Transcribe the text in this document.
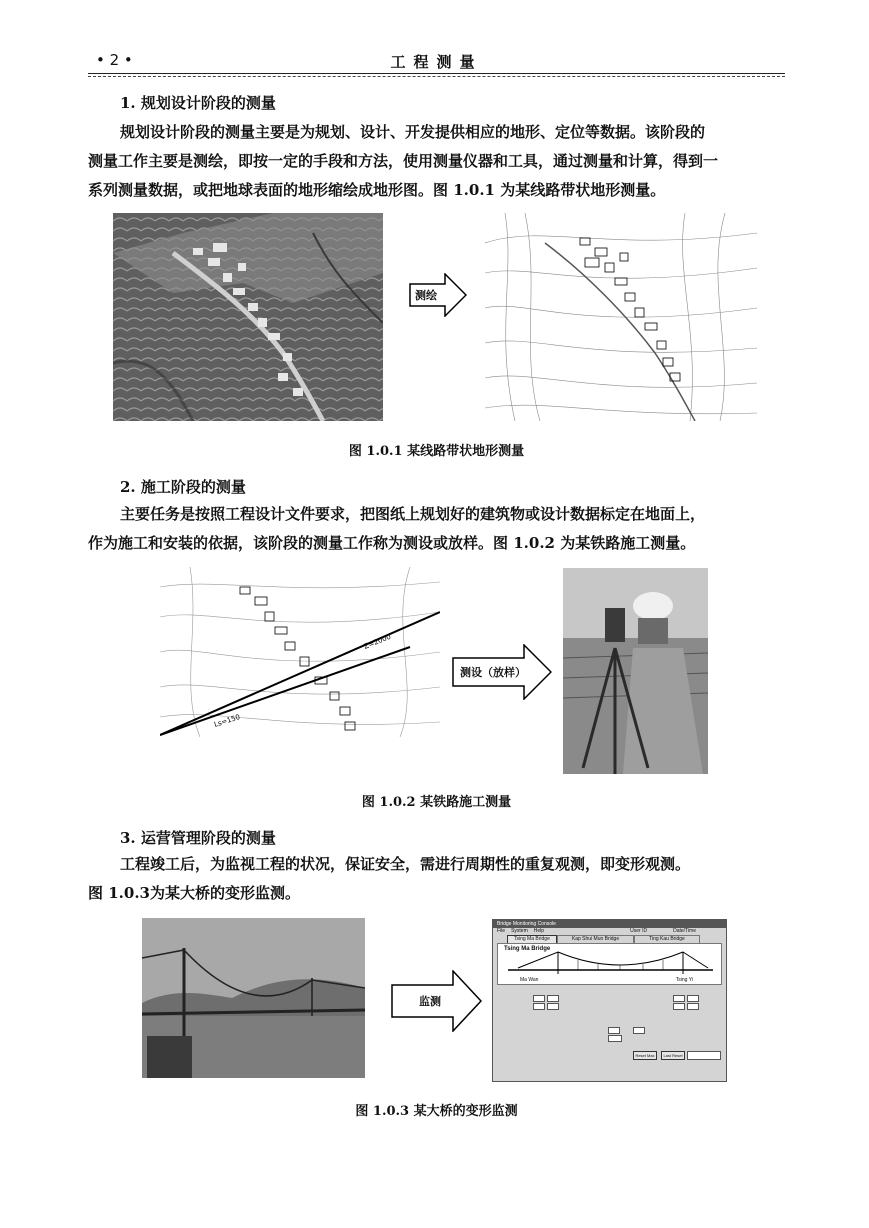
• 2 •	工程测量
1. 规划设计阶段的测量
规划设计阶段的测量主要是为规划、设计、开发提供相应的地形、定位等数据。该阶段的
测量工作主要是测绘，即按一定的手段和方法，使用测量仪器和工具，通过测量和计算，得到一
系列测量数据，或把地球表面的地形缩绘成地形图。图 1.0.1 为某线路带状地形测量。
测绘
图 1.0.1 某线路带状地形测量
2. 施工阶段的测量
主要任务是按照工程设计文件要求，把图纸上规划好的建筑物或设计数据标定在地面上，
作为施工和安装的依据，该阶段的测量工作称为测设或放样。图 1.0.2 为某铁路施工测量。
Z=2000
Ls=150
测设（放样）
图 1.0.2 某铁路施工测量
3. 运营管理阶段的测量
工程竣工后，为监视工程的状况，保证安全，需进行周期性的重复观测，即变形观测。
图 1.0.3为某大桥的变形监测。
监测
Bridge Monitoring Console
File System Help	User ID	Date/Time
Tsing Ma Bridge	Kap Shui Mun Bridge	Ting Kau Bridge
Tsing Ma Bridge
Ma Wan	Tsing Yi
Reset Max	Last Reset
图 1.0.3 某大桥的变形监测
